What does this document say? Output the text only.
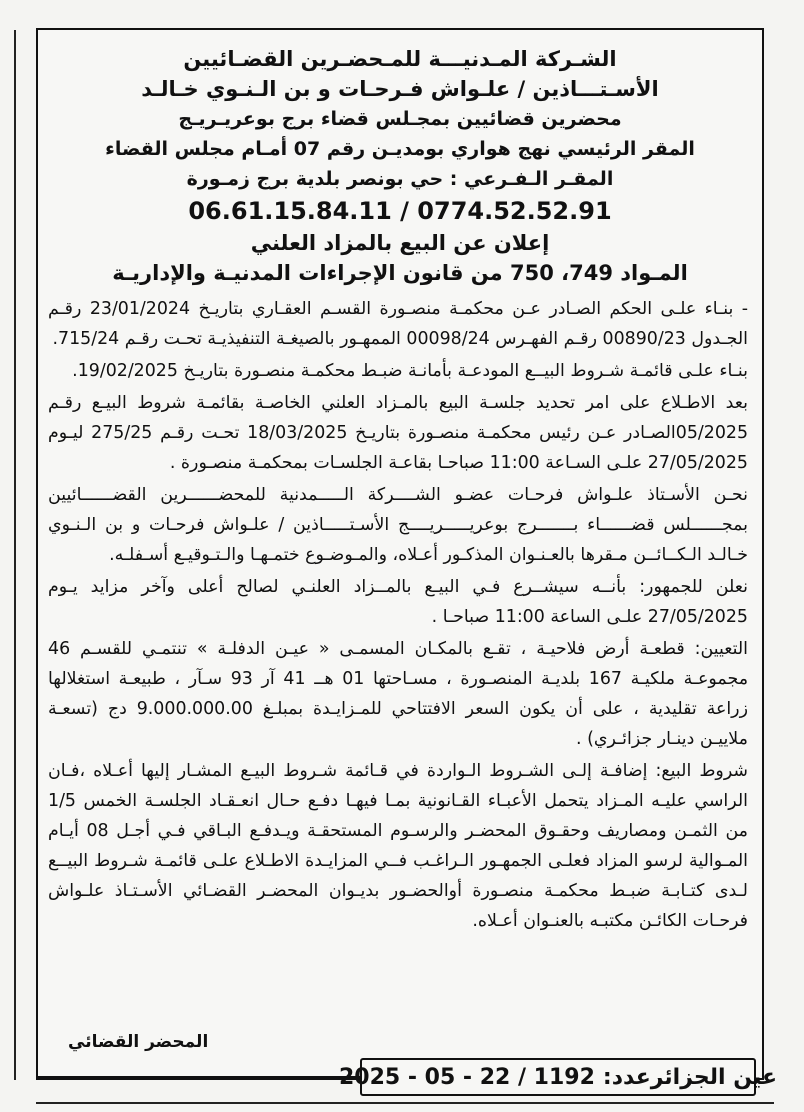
الشـركة المـدنيـــة للمـحضـرين القضـائيين
الأسـتـــاذين / علـواش فـرحـات و بن الـنـوي خـالـد
محضرين قضائيين بمجـلس قضاء برج بوعريـريـج
المقر الرئيسي نهج هواري بومديـن رقم 07 أمـام مجلس القضاء
المقـر الـفـرعي : حي بونصر بلدية برج زمـورة
06.61.15.84.11 / 0774.52.52.91
إعلان عن البيع بالمزاد العلني
المـواد 749، 750 من قانون الإجراءات المدنيـة والإداريـة

- بنـاء علـى الحكم الصـادر عـن محكمـة منصـورة القسـم العقـاري بتاريـخ 23/01/2024 رقـم الجـدول 00890/23 رقـم الفهـرس 00098/24 الممهـور بالصيغـة التنفيذيـة تحـت رقـم 715/24.

بنـاء علـى قائمـة شـروط البيــع المودعـة بأمانـة ضبـط محكمـة منصـورة بتاريـخ 19/02/2025.

بعد الاطـلاع على امر تحديد جلسـة البيع بالمـزاد العلني الخاصـة بقائمـة شروط البيـع رقـم 05/2025الصـادر عـن رئيس محكمـة منصـورة بتاريـخ 18/03/2025 تحـت رقـم 275/25 ليـوم 27/05/2025 علـى السـاعة 11:00 صباحـا بقاعـة الجلسـات بمحكمـة منصـورة .

نحـن الأسـتاذ علـواش فرحـات عضـو الشــــركة الـــــمدنية للمحضــــــرين القضــــــائيين بمجــــــلس قضــــــاء بـــــــرج بوعريـــــريــــج الأسـتـــــاذين / علـواش فرحـات و بن الـنـوي خـالـد الـكــائــن مـقرها بالعـنـوان المذكـور أعـلاه، والمـوضـوع ختمـهـا والـتـوقيـع أسـفلـه.

نعلن للجمهور: بأنــه سيشــرع فـي البيـع بالمــزاد العلنـي لصالح أعلى وآخر مزايد يـوم 27/05/2025 علـى الساعة 11:00 صباحـا .

التعيين: قطعـة أرض فلاحيـة ، تقـع بالمكـان المسمـى « عيـن الدفلـة » تنتمـي للقسـم 46 مجموعـة ملكيـة 167 بلديـة المنصـورة ، مسـاحتها 01 هــ 41 آر 93 سـآر ، طبيعـة استغلالها زراعة تقليدية ، على أن يكون السعر الافتتاحي للمـزايـدة بمبلـغ 9.000.000.00 دج (تسعـة ملاييـن دينـار جزائـري) .

شروط البيع: إضافـة إلـى الشـروط الـواردة في قـائمة شـروط البيـع المشـار إليها أعـلاه ،فـان الراسي عليـه المـزاد يتحمل الأعبـاء القـانونية بمـا فيهـا دفـع حـال انعـقـاد الجلسـة الخمس 1/5 من الثمـن ومصاريف وحقـوق المحضـر والرسـوم المستحقـة ويـدفـع البـاقي فـي أجـل 08 أيـام المـوالية لرسو المزاد فعلـى الجمهـور الـراغـب فــي المزايـدة الاطـلاع علـى قائمـة شـروط البيــع لـدى كتـابـة ضبـط محكمـة منصـورة أوالحضـور بديـوان المحضـر القضـائي الأسـتـاذ علـواش فرحـات الكائـن مكتبـه بالعنـوان أعـلاه.

المحضر القضائي
عين الجزائرعدد:
2025 - 05 - 22 / 1192
